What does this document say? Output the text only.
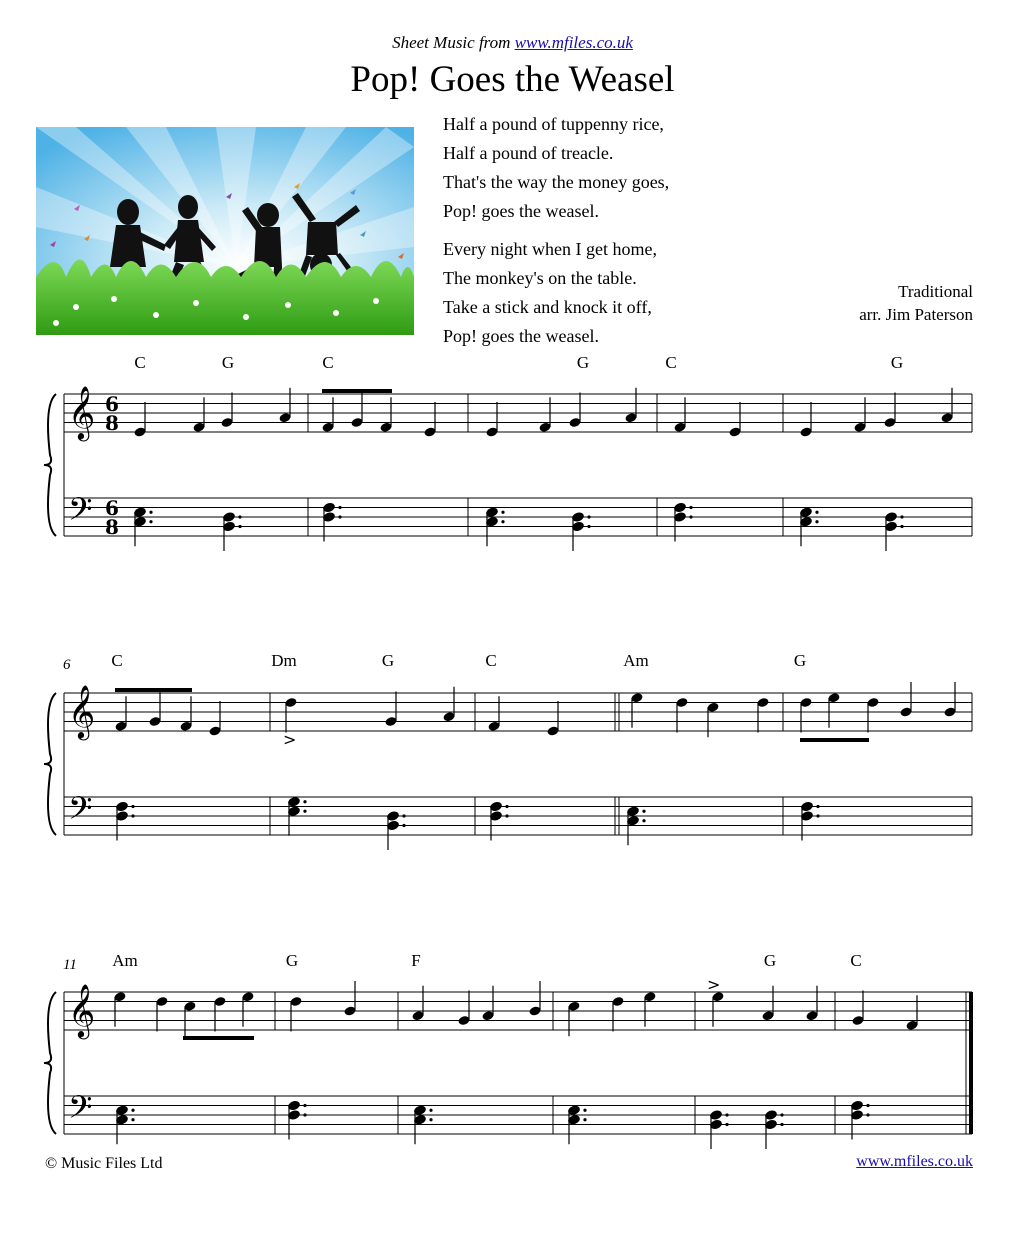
Sheet Music from www.mfiles.co.uk
Pop! Goes the Weasel
Half a pound of tuppenny rice,
Half a pound of treacle.
That's the way the money goes,
Pop! goes the weasel.
Every night when I get home,
The monkey's on the table.
Take a stick and knock it off,
Pop! goes the weasel.
Traditional
arr. Jim Paterson
𝄞
𝄢
6
8
6
8
C	G	C	G	C	G
𝄞
𝄢
C	Dm	G	C	Am	G
6
𝄞
𝄢
Am	G	F	G	C
11
>
>
© Music Files Ltd	www.mfiles.co.uk
